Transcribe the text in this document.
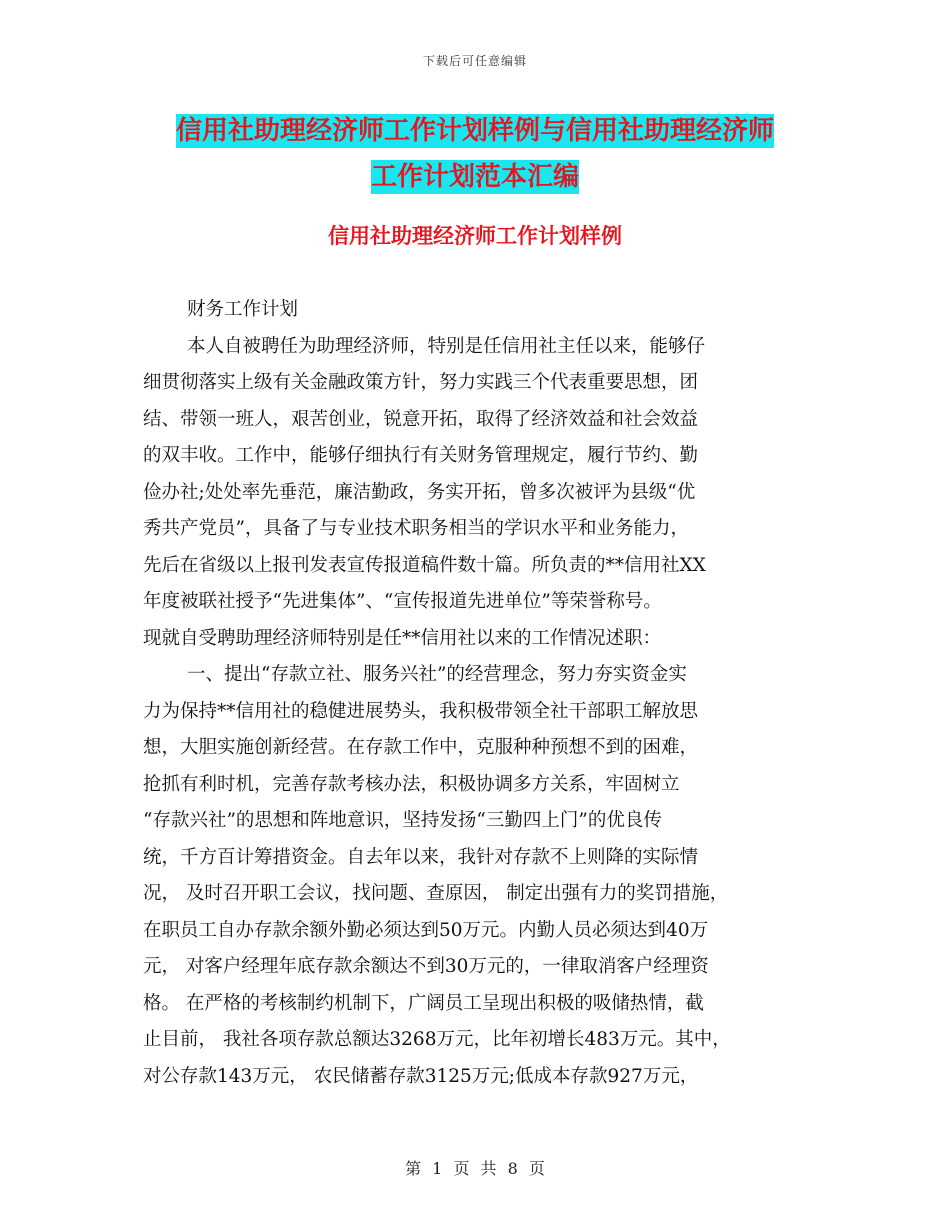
下载后可任意编辑
信用社助理经济师工作计划样例与信用社助理经济师
工作计划范本汇编
信用社助理经济师工作计划样例
财务工作计划
本人自被聘任为助理经济师，特别是任信用社主任以来，能够仔
细贯彻落实上级有关金融政策方针，努力实践三个代表重要思想，团
结、带领一班人，艰苦创业，锐意开拓，取得了经济效益和社会效益
的双丰收。工作中，能够仔细执行有关财务管理规定，履行节约、勤
俭办社;处处率先垂范，廉洁勤政，务实开拓，曾多次被评为县级“优
秀共产党员”，具备了与专业技术职务相当的学识水平和业务能力，
先后在省级以上报刊发表宣传报道稿件数十篇。所负责的**信用社XX
年度被联社授予“先进集体”、“宣传报道先进单位”等荣誉称号。
现就自受聘助理经济师特别是任**信用社以来的工作情况述职：
一、提出“存款立社、服务兴社”的经营理念，努力夯实资金实
力为保持**信用社的稳健进展势头，我积极带领全社干部职工解放思
想，大胆实施创新经营。在存款工作中，克服种种预想不到的困难，
抢抓有利时机，完善存款考核办法，积极协调多方关系，牢固树立
“存款兴社”的思想和阵地意识，坚持发扬“三勤四上门”的优良传
统，千方百计筹措资金。自去年以来，我针对存款不上则降的实际情
况， 及时召开职工会议，找问题、查原因， 制定出强有力的奖罚措施，
在职员工自办存款余额外勤必须达到50万元。内勤人员必须达到40万
元， 对客户经理年底存款余额达不到30万元的，一律取消客户经理资
格。 在严格的考核制约机制下，广阔员工呈现出积极的吸储热情，截
止目前， 我社各项存款总额达3268万元，比年初增长483万元。其中，
对公存款143万元， 农民储蓄存款3125万元;低成本存款927万元，
第 1 页 共 8 页
